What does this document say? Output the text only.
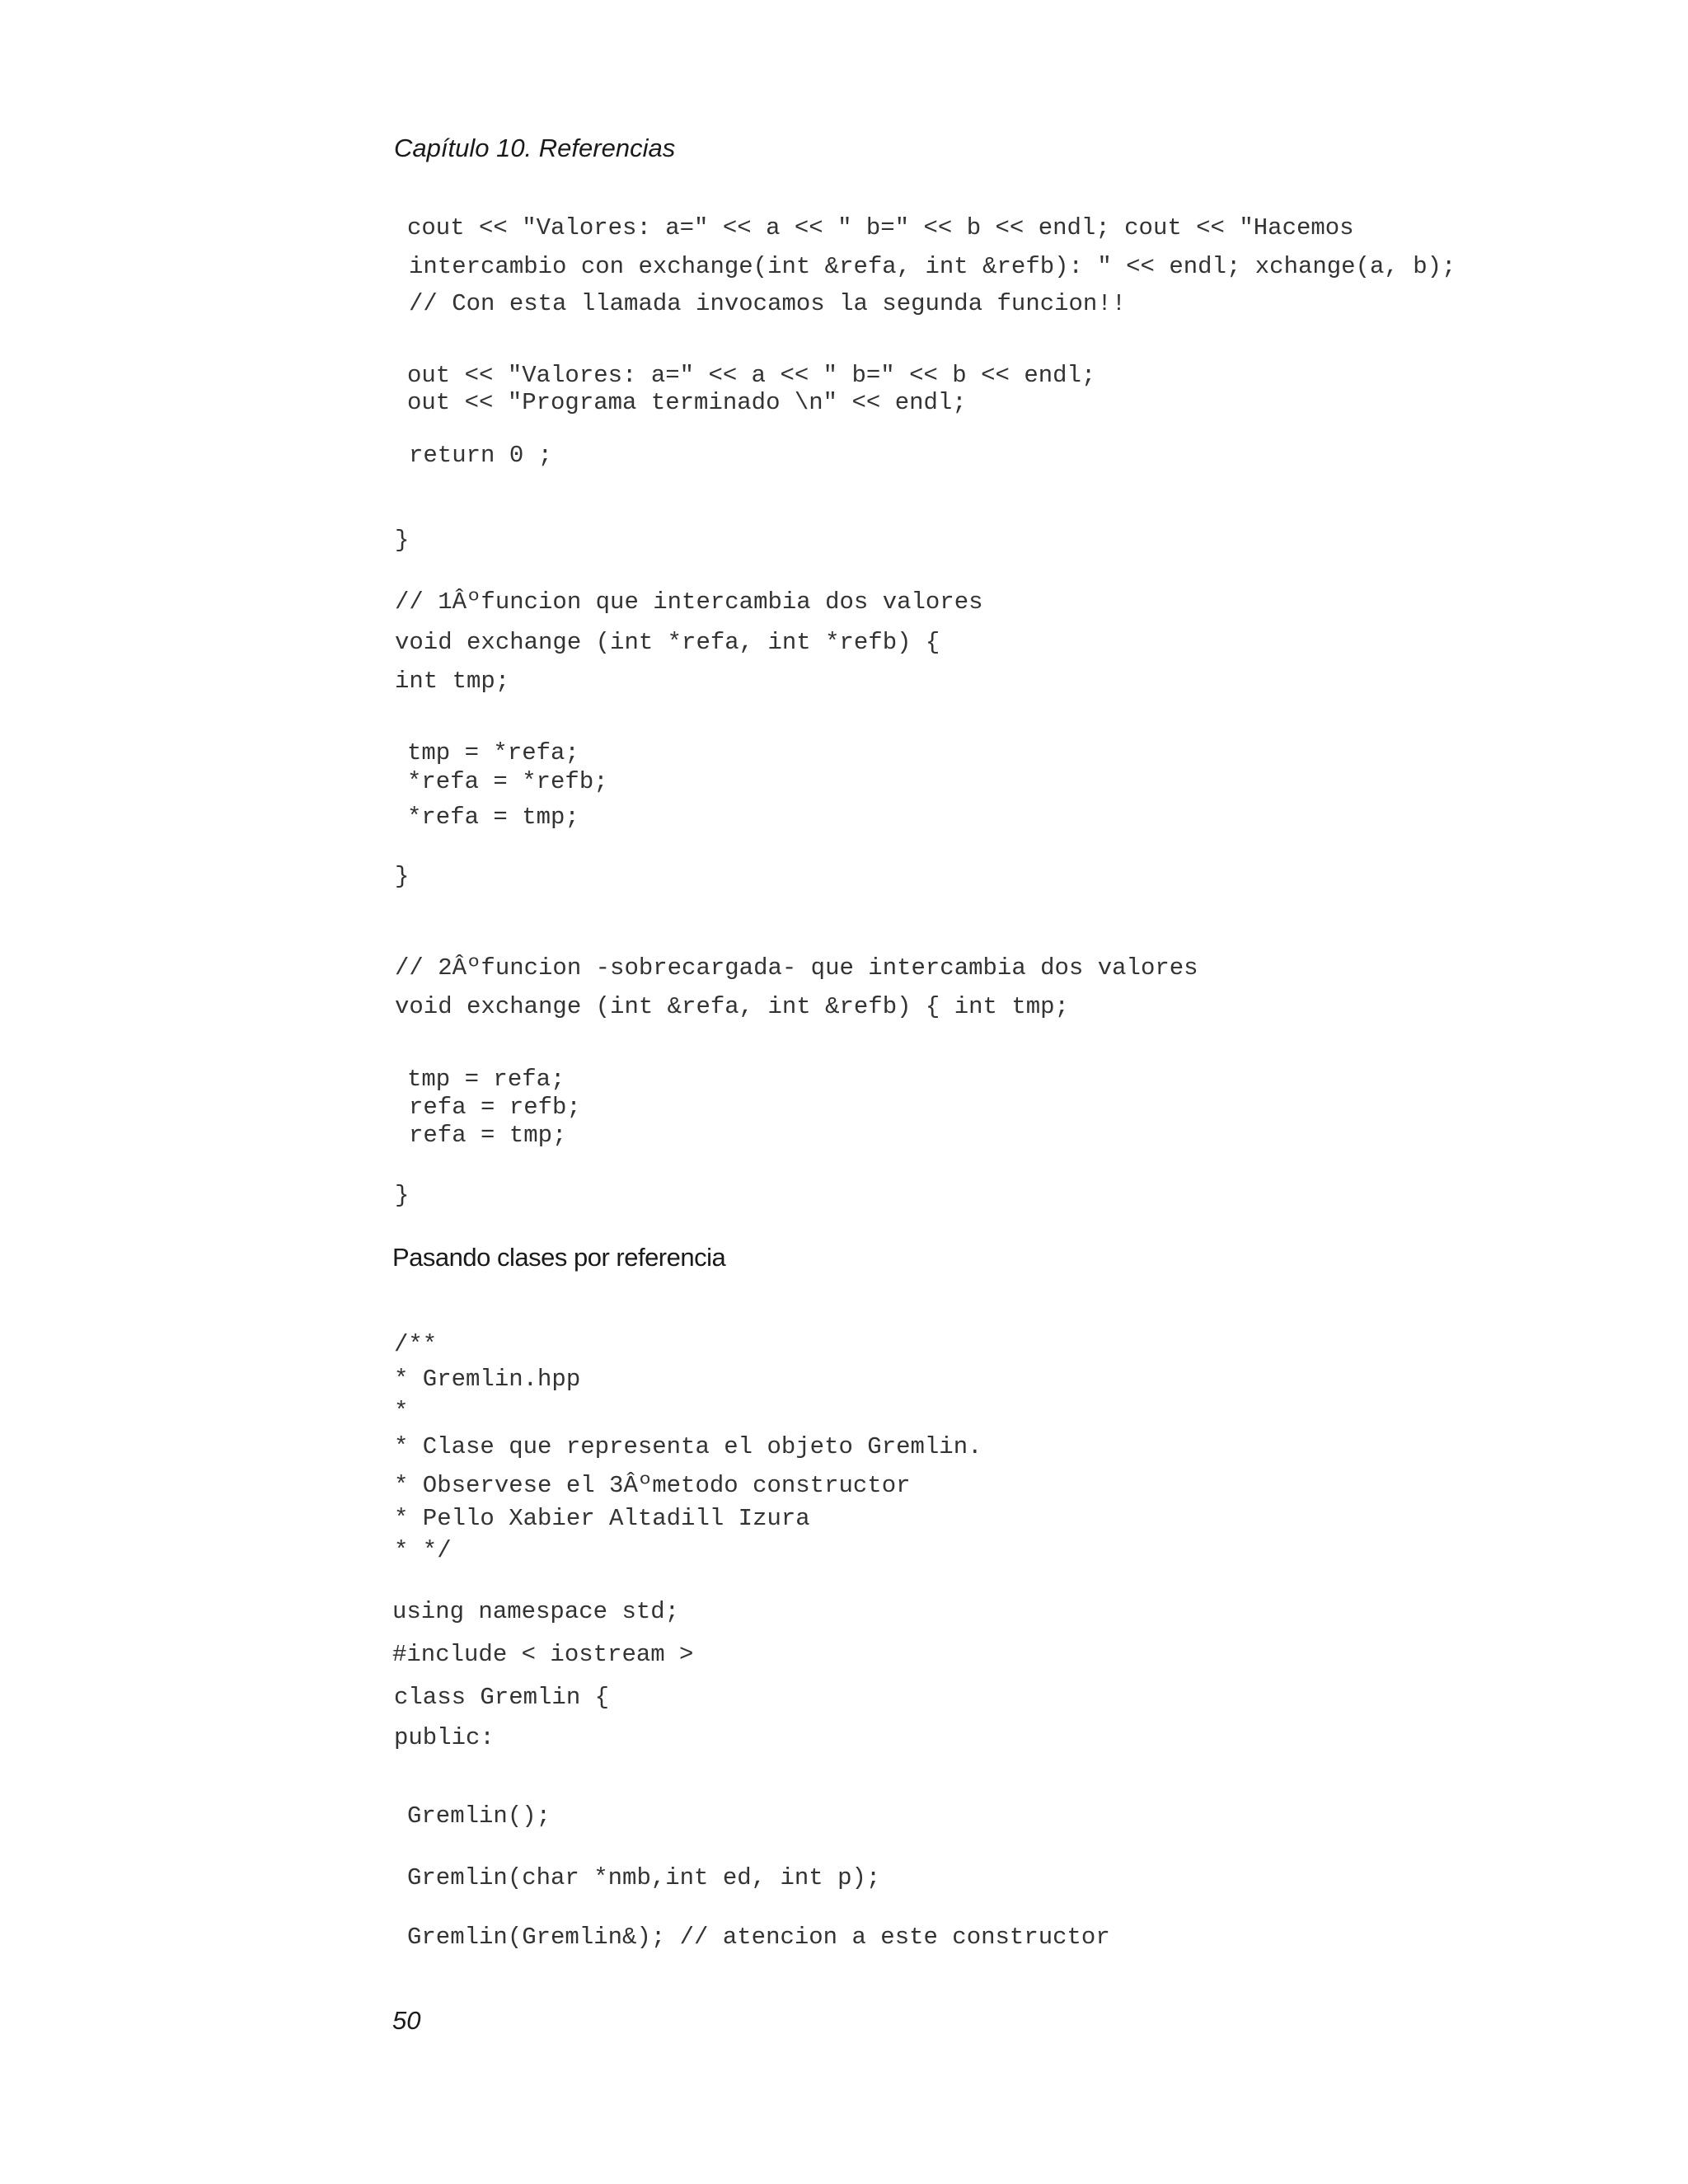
Capítulo 10. Referencias
cout << "Valores: a=" << a << " b=" << b << endl; cout << "Hacemos
intercambio con exchange(int &refa, int &refb): " << endl; xchange(a, b);
// Con esta llamada invocamos la segunda funcion!!
out << "Valores: a=" << a << " b=" << b << endl;
out << "Programa terminado \n" << endl;
return 0 ;
}
// 1Âºfuncion que intercambia dos valores
void exchange (int *refa, int *refb) {
int tmp;
tmp = *refa;
*refa = *refb;
*refa = tmp;
}
// 2Âºfuncion -sobrecargada- que intercambia dos valores
void exchange (int &refa, int &refb) { int tmp;
tmp = refa;
refa = refb;
refa = tmp;
}
Pasando clases por referencia
/**
* Gremlin.hpp
*
* Clase que representa el objeto Gremlin.
* Observese el 3Âºmetodo constructor
* Pello Xabier Altadill Izura
* */
using namespace std;
#include < iostream >
class Gremlin {
public:
Gremlin();
Gremlin(char *nmb,int ed, int p);
Gremlin(Gremlin&); // atencion a este constructor
50
